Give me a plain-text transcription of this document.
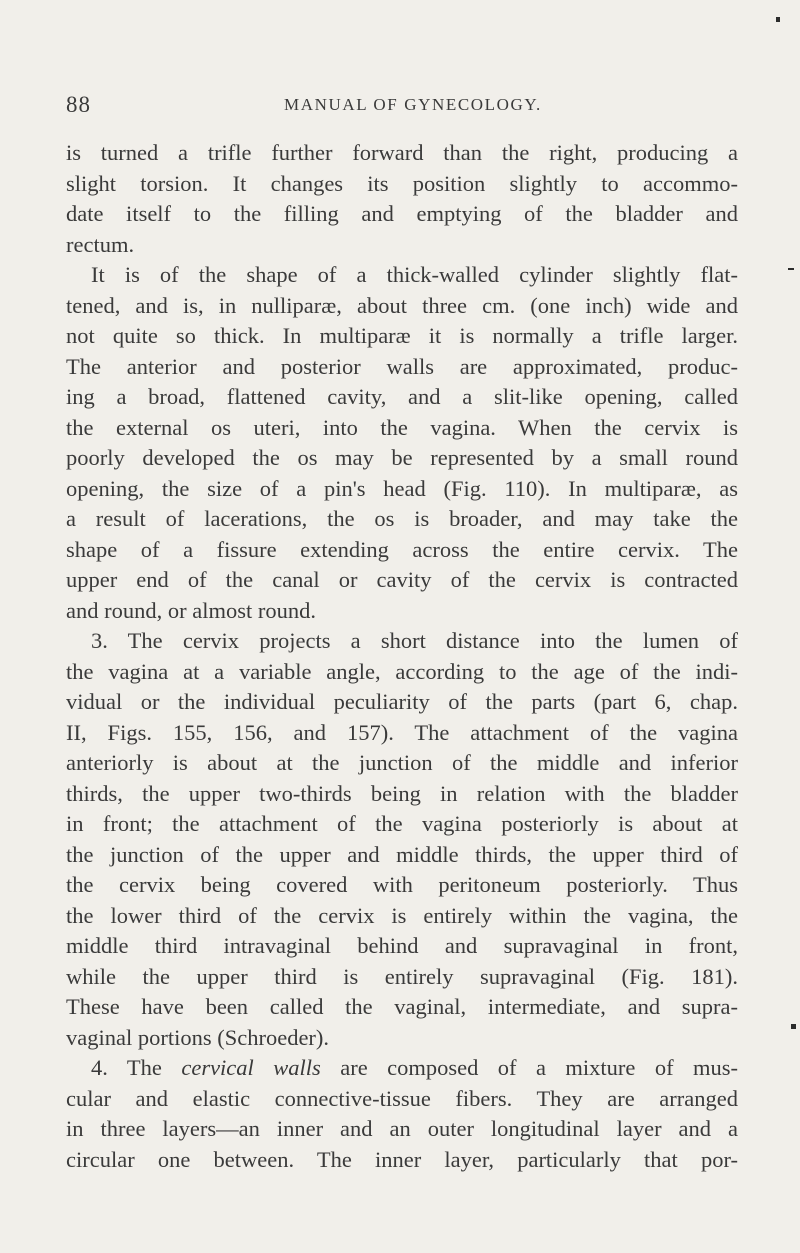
88	MANUAL OF GYNECOLOGY.
is turned a trifle further forward than the right, producing a
slight torsion. It changes its position slightly to accommo-
date itself to the filling and emptying of the bladder and
rectum.
It is of the shape of a thick-walled cylinder slightly flat-
tened, and is, in nulliparæ, about three cm. (one inch) wide and
not quite so thick. In multiparæ it is normally a trifle larger.
The anterior and posterior walls are approximated, produc-
ing a broad, flattened cavity, and a slit-like opening, called
the external os uteri, into the vagina. When the cervix is
poorly developed the os may be represented by a small round
opening, the size of a pin's head (Fig. 110). In multiparæ, as
a result of lacerations, the os is broader, and may take the
shape of a fissure extending across the entire cervix. The
upper end of the canal or cavity of the cervix is contracted
and round, or almost round.
3. The cervix projects a short distance into the lumen of
the vagina at a variable angle, according to the age of the indi-
vidual or the individual peculiarity of the parts (part 6, chap.
II, Figs. 155, 156, and 157). The attachment of the vagina
anteriorly is about at the junction of the middle and inferior
thirds, the upper two-thirds being in relation with the bladder
in front; the attachment of the vagina posteriorly is about at
the junction of the upper and middle thirds, the upper third of
the cervix being covered with peritoneum posteriorly. Thus
the lower third of the cervix is entirely within the vagina, the
middle third intravaginal behind and supravaginal in front,
while the upper third is entirely supravaginal (Fig. 181).
These have been called the vaginal, intermediate, and supra-
vaginal portions (Schroeder).
4. The cervical walls are composed of a mixture of mus-
cular and elastic connective-tissue fibers. They are arranged
in three layers—an inner and an outer longitudinal layer and a
circular one between. The inner layer, particularly that por-
